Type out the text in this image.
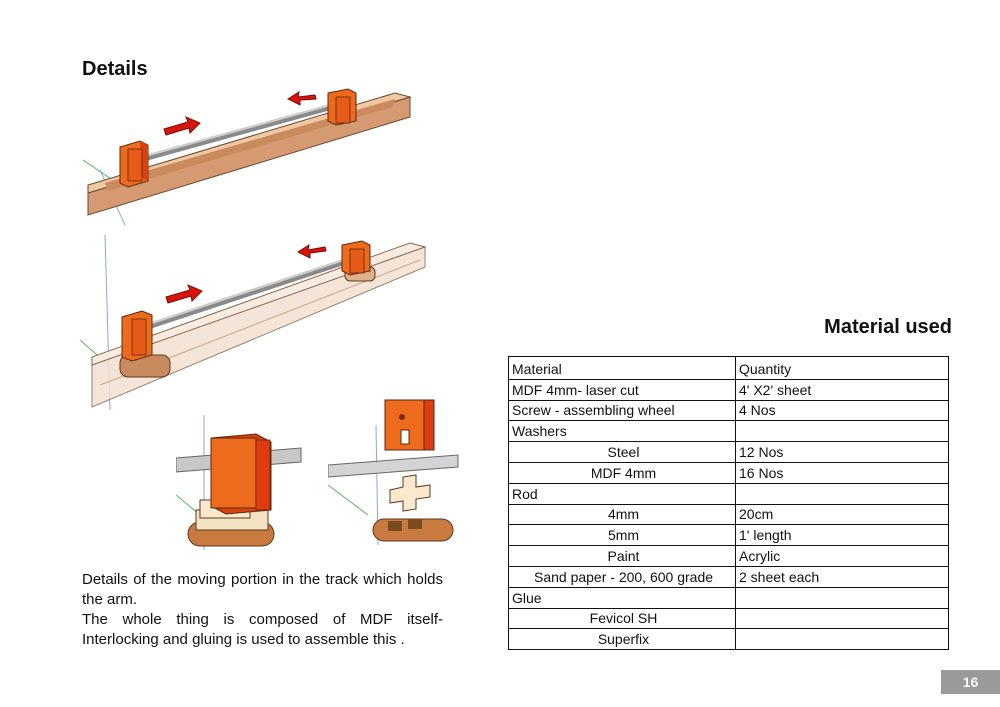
Details

Details of the moving portion in the track which holds the arm.

The whole thing is composed of MDF itself- Interlocking and gluing is used to assemble this .

Material used
Material	Quantity
MDF 4mm- laser cut	4' X2' sheet
Screw - assembling wheel	4 Nos
Washers	
Steel	12 Nos
MDF 4mm	16 Nos
Rod	
4mm	20cm
5mm	1' length
Paint	Acrylic
Sand paper - 200, 600 grade	2 sheet each
Glue	
Fevicol SH	
Superfix	
16
